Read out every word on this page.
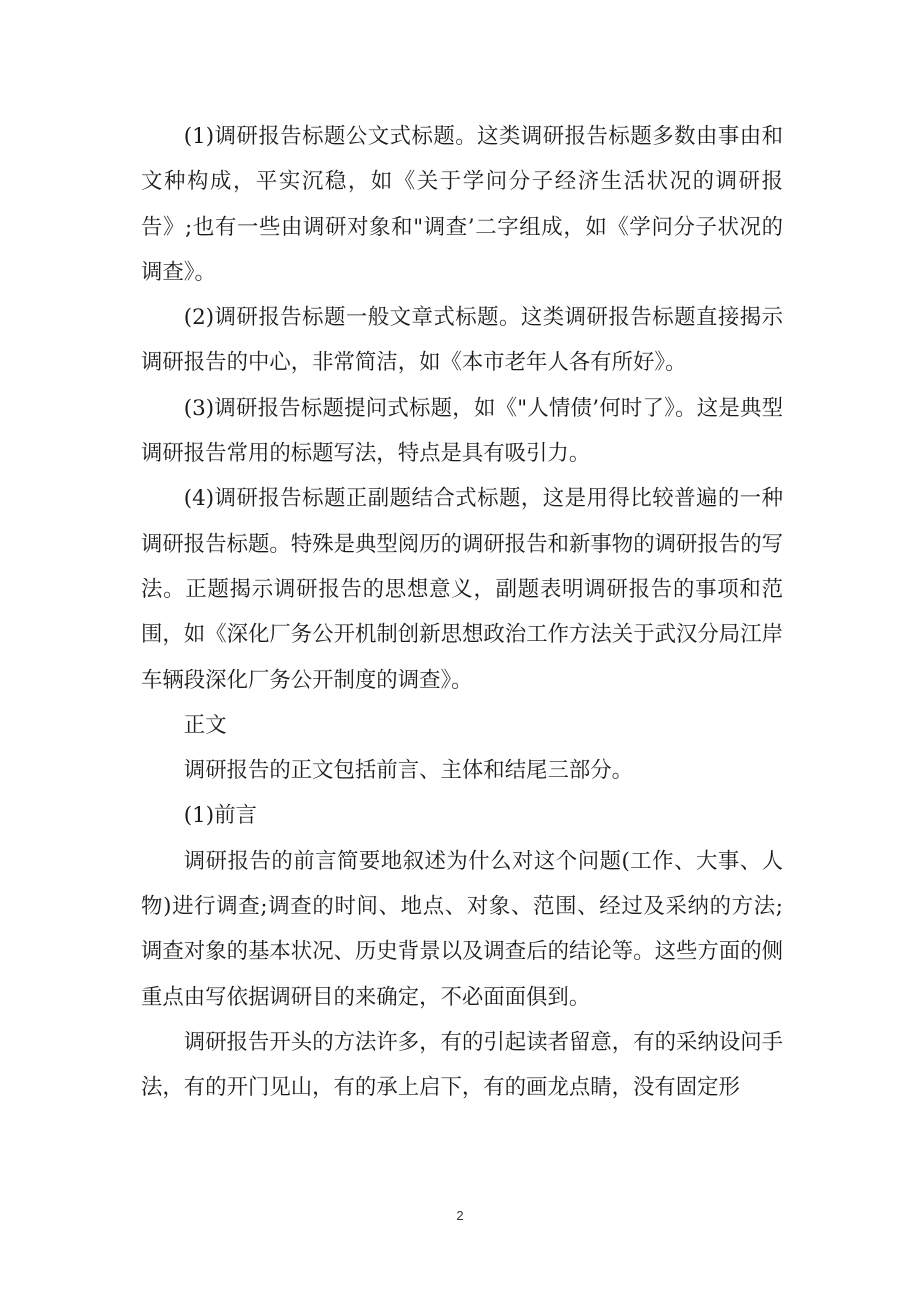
(1)调研报告标题公文式标题。这类调研报告标题多数由事由和文种构成，平实沉稳，如《关于学问分子经济生活状况的调研报告》;也有一些由调研对象和"调查’二字组成，如《学问分子状况的调查》。

(2)调研报告标题一般文章式标题。这类调研报告标题直接揭示调研报告的中心，非常简洁，如《本市老年人各有所好》。

(3)调研报告标题提问式标题，如《"人情债’何时了》。这是典型调研报告常用的标题写法，特点是具有吸引力。

(4)调研报告标题正副题结合式标题，这是用得比较普遍的一种调研报告标题。特殊是典型阅历的调研报告和新事物的调研报告的写法。正题揭示调研报告的思想意义，副题表明调研报告的事项和范围，如《深化厂务公开机制创新思想政治工作方法关于武汉分局江岸车辆段深化厂务公开制度的调查》。

正文

调研报告的正文包括前言、主体和结尾三部分。

(1)前言

调研报告的前言简要地叙述为什么对这个问题(工作、大事、人物)进行调查;调查的时间、地点、对象、范围、经过及采纳的方法;调查对象的基本状况、历史背景以及调查后的结论等。这些方面的侧重点由写依据调研目的来确定，不必面面俱到。

调研报告开头的方法许多，有的引起读者留意，有的采纳设问手法，有的开门见山，有的承上启下，有的画龙点睛，没有固定形

2
